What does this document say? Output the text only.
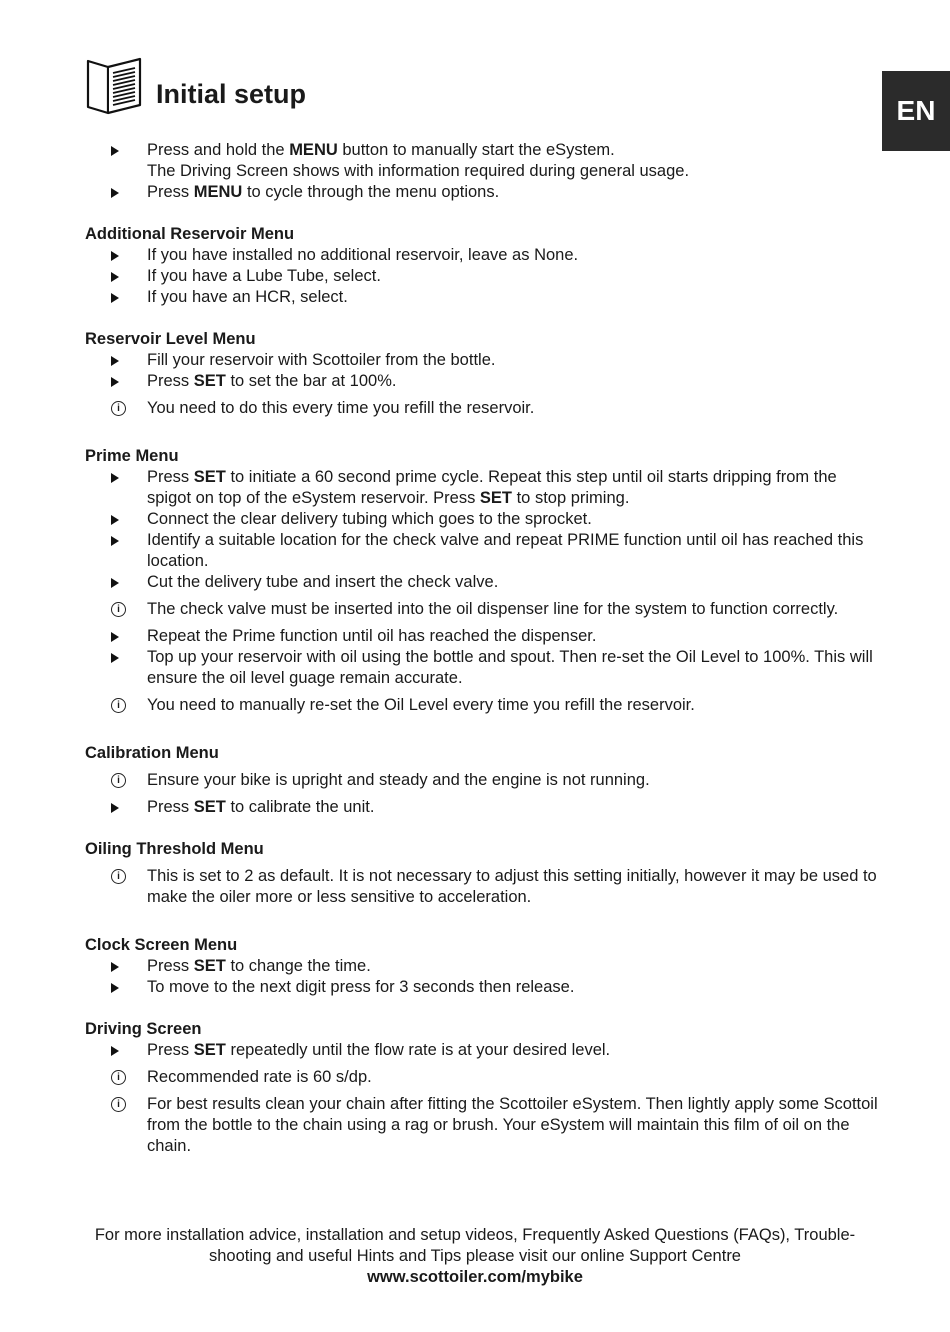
EN
Initial setup
Press and hold the MENU button to manually start the eSystem.
The Driving Screen shows with information required during general usage.
Press MENU to cycle through the menu options.
Additional Reservoir Menu
If you have installed no additional reservoir, leave as None.
If you have a Lube Tube, select.
If you have an HCR, select.
Reservoir Level Menu
Fill your reservoir with Scottoiler from the bottle.
Press SET to set the bar at 100%.
i	You need to do this every time you refill the reservoir.
Prime Menu
Press SET to initiate a 60 second prime cycle. Repeat this step until oil starts dripping from the spigot on top of the eSystem reservoir. Press SET to stop priming.
Connect the clear delivery tubing which goes to the sprocket.
Identify a suitable location for the check valve and repeat PRIME function until oil has reached this location.
Cut the delivery tube and insert the check valve.
i	The check valve must be inserted into the oil dispenser line for the system to function correctly.
Repeat the Prime function until oil has reached the dispenser.
Top up your reservoir with oil using the bottle and spout. Then re-set the Oil Level to 100%. This will ensure the oil level guage remain accurate.
i	You need to manually re-set the Oil Level every time you refill the reservoir.
Calibration Menu
i	Ensure your bike is upright and steady and the engine is not running.
Press SET to calibrate the unit.
Oiling Threshold Menu
i	This is set to 2 as default. It is not necessary to adjust this setting initially, however it may be used to make the oiler more or less sensitive to acceleration.
Clock Screen Menu
Press SET to change the time.
To move to the next digit press for 3 seconds then release.
Driving Screen
Press SET repeatedly until the flow rate is at your desired level.
i	Recommended rate is 60 s/dp.
i	For best results clean your chain after fitting the Scottoiler eSystem. Then lightly apply some Scottoil from the bottle to the chain using a rag or brush. Your eSystem will maintain this film of oil on the chain.
For more installation advice, installation and setup videos, Frequently Asked Questions (FAQs), Trouble-
shooting and useful Hints and Tips please visit our online Support Centre
www.scottoiler.com/mybike
